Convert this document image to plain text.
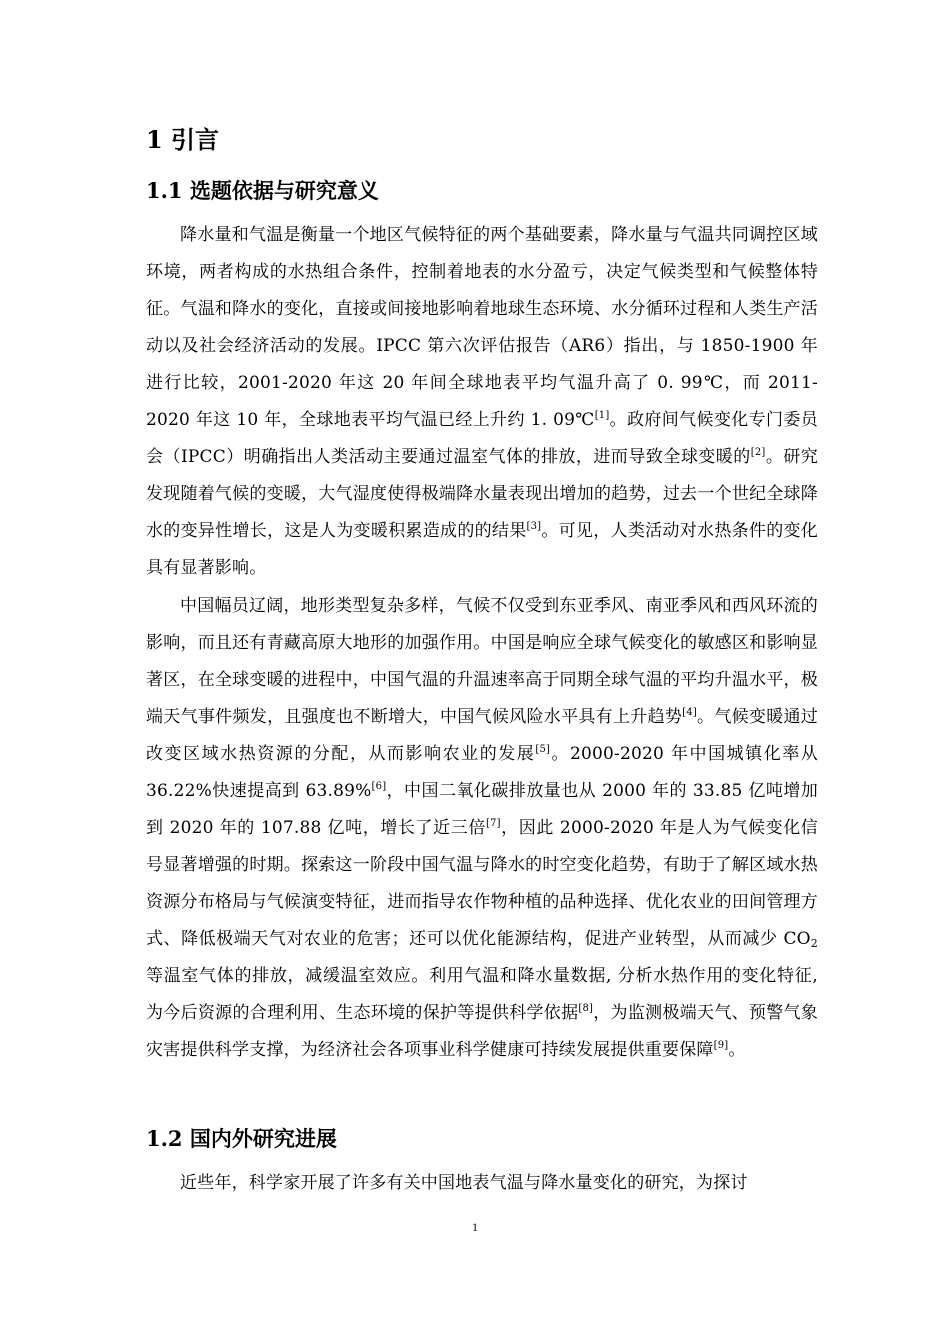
1 引言
1.1 选题依据与研究意义

降水量和气温是衡量一个地区气候特征的两个基础要素，降水量与气温共同调控区域环境，两者构成的水热组合条件，控制着地表的水分盈亏，决定气候类型和气候整体特征。气温和降水的变化，直接或间接地影响着地球生态环境、水分循环过程和人类生产活动以及社会经济活动的发展。IPCC 第六次评估报告（AR6）指出，与 1850-1900 年进行比较，2001-2020 年这 20 年间全球地表平均气温升高了 0. 99℃，而 2011-2020 年这 10 年，全球地表平均气温已经上升约 1. 09℃[1]。政府间气候变化专门委员会（IPCC）明确指出人类活动主要通过温室气体的排放，进而导致全球变暖的[2]。研究发现随着气候的变暖，大气湿度使得极端降水量表现出增加的趋势，过去一个世纪全球降水的变异性增长，这是人为变暖积累造成的的结果[3]。可见，人类活动对水热条件的变化具有显著影响。

中国幅员辽阔，地形类型复杂多样，气候不仅受到东亚季风、南亚季风和西风环流的影响，而且还有青藏高原大地形的加强作用。中国是响应全球气候变化的敏感区和影响显著区，在全球变暖的进程中，中国气温的升温速率高于同期全球气温的平均升温水平，极端天气事件频发，且强度也不断增大，中国气候风险水平具有上升趋势[4]。气候变暖通过改变区域水热资源的分配，从而影响农业的发展[5]。2000-2020 年中国城镇化率从 36.22%快速提高到 63.89%[6]，中国二氧化碳排放量也从 2000 年的 33.85 亿吨增加到 2020 年的 107.88 亿吨，增长了近三倍[7]，因此 2000-2020 年是人为气候变化信号显著增强的时期。探索这一阶段中国气温与降水的时空变化趋势，有助于了解区域水热资源分布格局与气候演变特征，进而指导农作物种植的品种选择、优化农业的田间管理方式、降低极端天气对农业的危害；还可以优化能源结构，促进产业转型，从而减少 $CO_2$ 等温室气体的排放，减缓温室效应。利用气温和降水量数据, 分析水热作用的变化特征, 为今后资源的合理利用、生态环境的保护等提供科学依据[8]，为监测极端天气、预警气象灾害提供科学支撑，为经济社会各项事业科学健康可持续发展提供重要保障[9]。

1.2 国内外研究进展

近些年，科学家开展了许多有关中国地表气温与降水量变化的研究，为探讨

1
